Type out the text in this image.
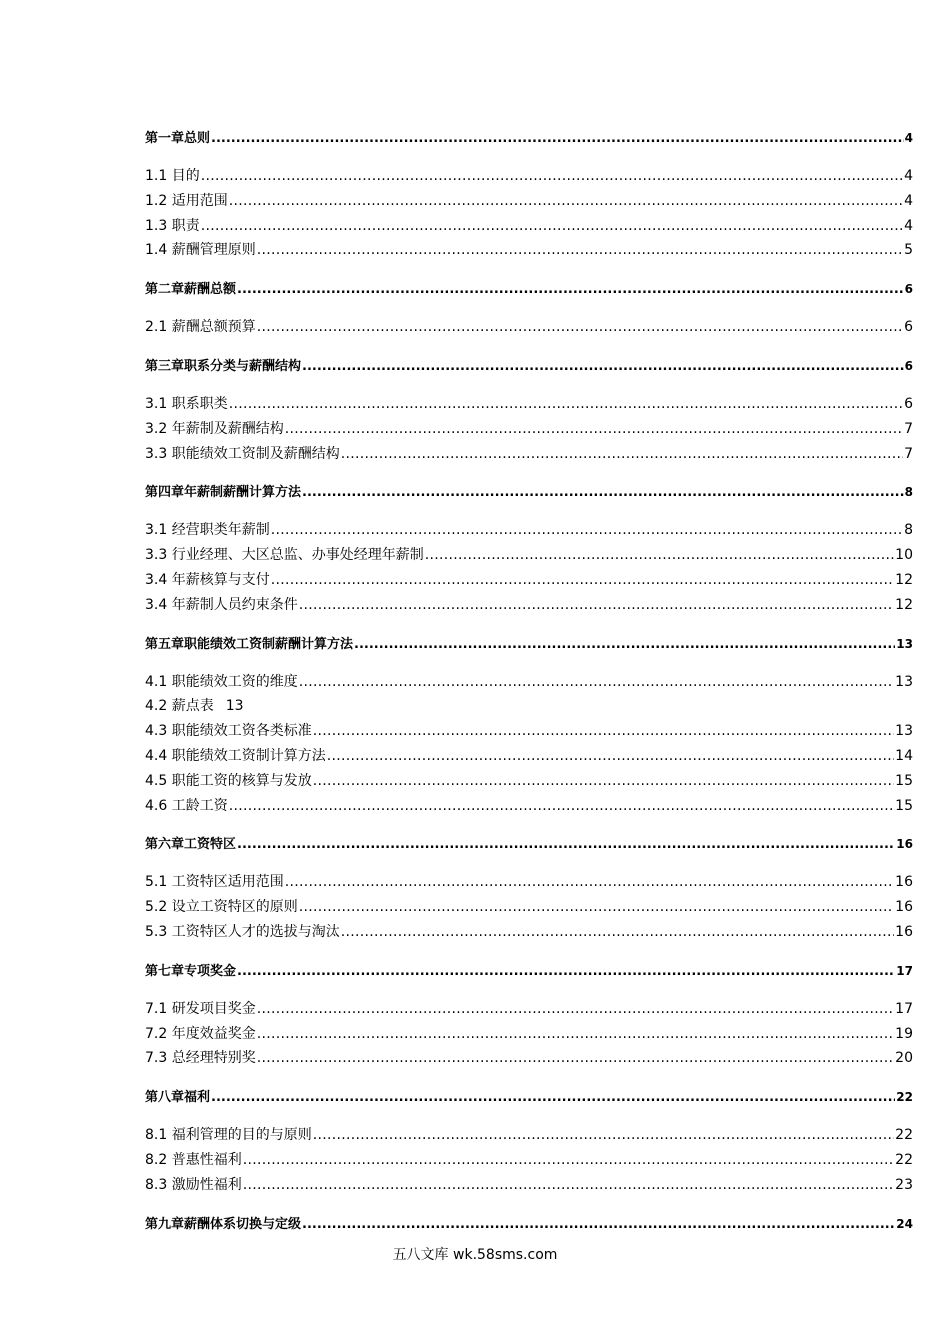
第一章总则 .....	4
1.1 目的 .....	4
1.2 适用范围 .....	4
1.3 职责 .....	4
1.4 薪酬管理原则 .....	5
第二章薪酬总额 .....	6
2.1 薪酬总额预算 .....	6
第三章职系分类与薪酬结构 .....	6
3.1 职系职类 .....	6
3.2 年薪制及薪酬结构 .....	7
3.3 职能绩效工资制及薪酬结构 .....	7
第四章年薪制薪酬计算方法 .....	8
3.1 经营职类年薪制 .....	8
3.3 行业经理、大区总监、办事处经理年薪制 .....	10
3.4 年薪核算与支付 .....	12
3.4 年薪制人员约束条件 .....	12
第五章职能绩效工资制薪酬计算方法 .....	13
4.1 职能绩效工资的维度 .....	13
4.2 薪点表 13
4.3 职能绩效工资各类标准 .....	13
4.4 职能绩效工资制计算方法 .....	14
4.5 职能工资的核算与发放 .....	15
4.6 工龄工资 .....	15
第六章工资特区 .....	16
5.1 工资特区适用范围 .....	16
5.2 设立工资特区的原则 .....	16
5.3 工资特区人才的选拔与淘汰 .....	16
第七章专项奖金 .....	17
7.1 研发项目奖金 .....	17
7.2 年度效益奖金 .....	19
7.3 总经理特别奖 .....	20
第八章福利 .....	22
8.1 福利管理的目的与原则 .....	22
8.2 普惠性福利 .....	22
8.3 激励性福利 .....	23
第九章薪酬体系切换与定级 .....	24
五八文库 wk.58sms.com
